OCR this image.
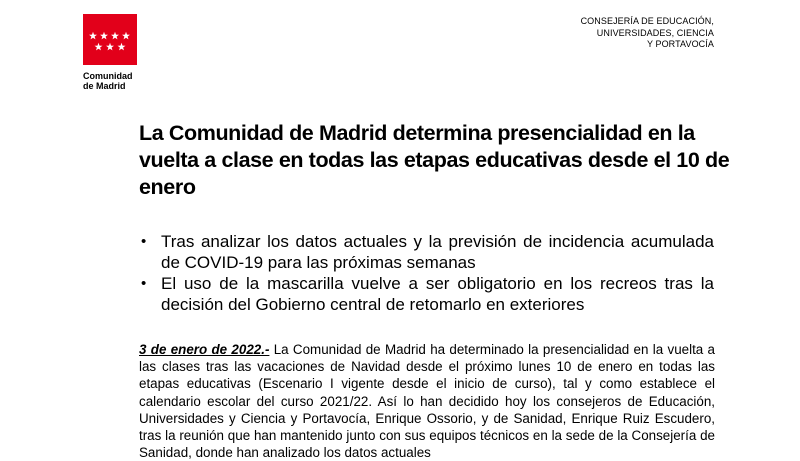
Comunidad
de Madrid
CONSEJERÍA DE EDUCACIÓN,
UNIVERSIDADES, CIENCIA
Y PORTAVOCÍA
La Comunidad de Madrid determina presencialidad en la vuelta a clase en todas las etapas educativas desde el 10 de enero
• Tras analizar los datos actuales y la previsión de incidencia acumulada de COVID-19 para las próximas semanas
• El uso de la mascarilla vuelve a ser obligatorio en los recreos tras la decisión del Gobierno central de retomarlo en exteriores

3 de enero de 2022.- La Comunidad de Madrid ha determinado la presencialidad en la vuelta a las clases tras las vacaciones de Navidad desde el próximo lunes 10 de enero en todas las etapas educativas (Escenario I vigente desde el inicio de curso), tal y como establece el calendario escolar del curso 2021/22. Así lo han decidido hoy los consejeros de Educación, Universidades y Ciencia y Portavocía, Enrique Ossorio, y de Sanidad, Enrique Ruiz Escudero, tras la reunión que han mantenido junto con sus equipos técnicos en la sede de la Consejería de Sanidad, donde han analizado los datos actuales
